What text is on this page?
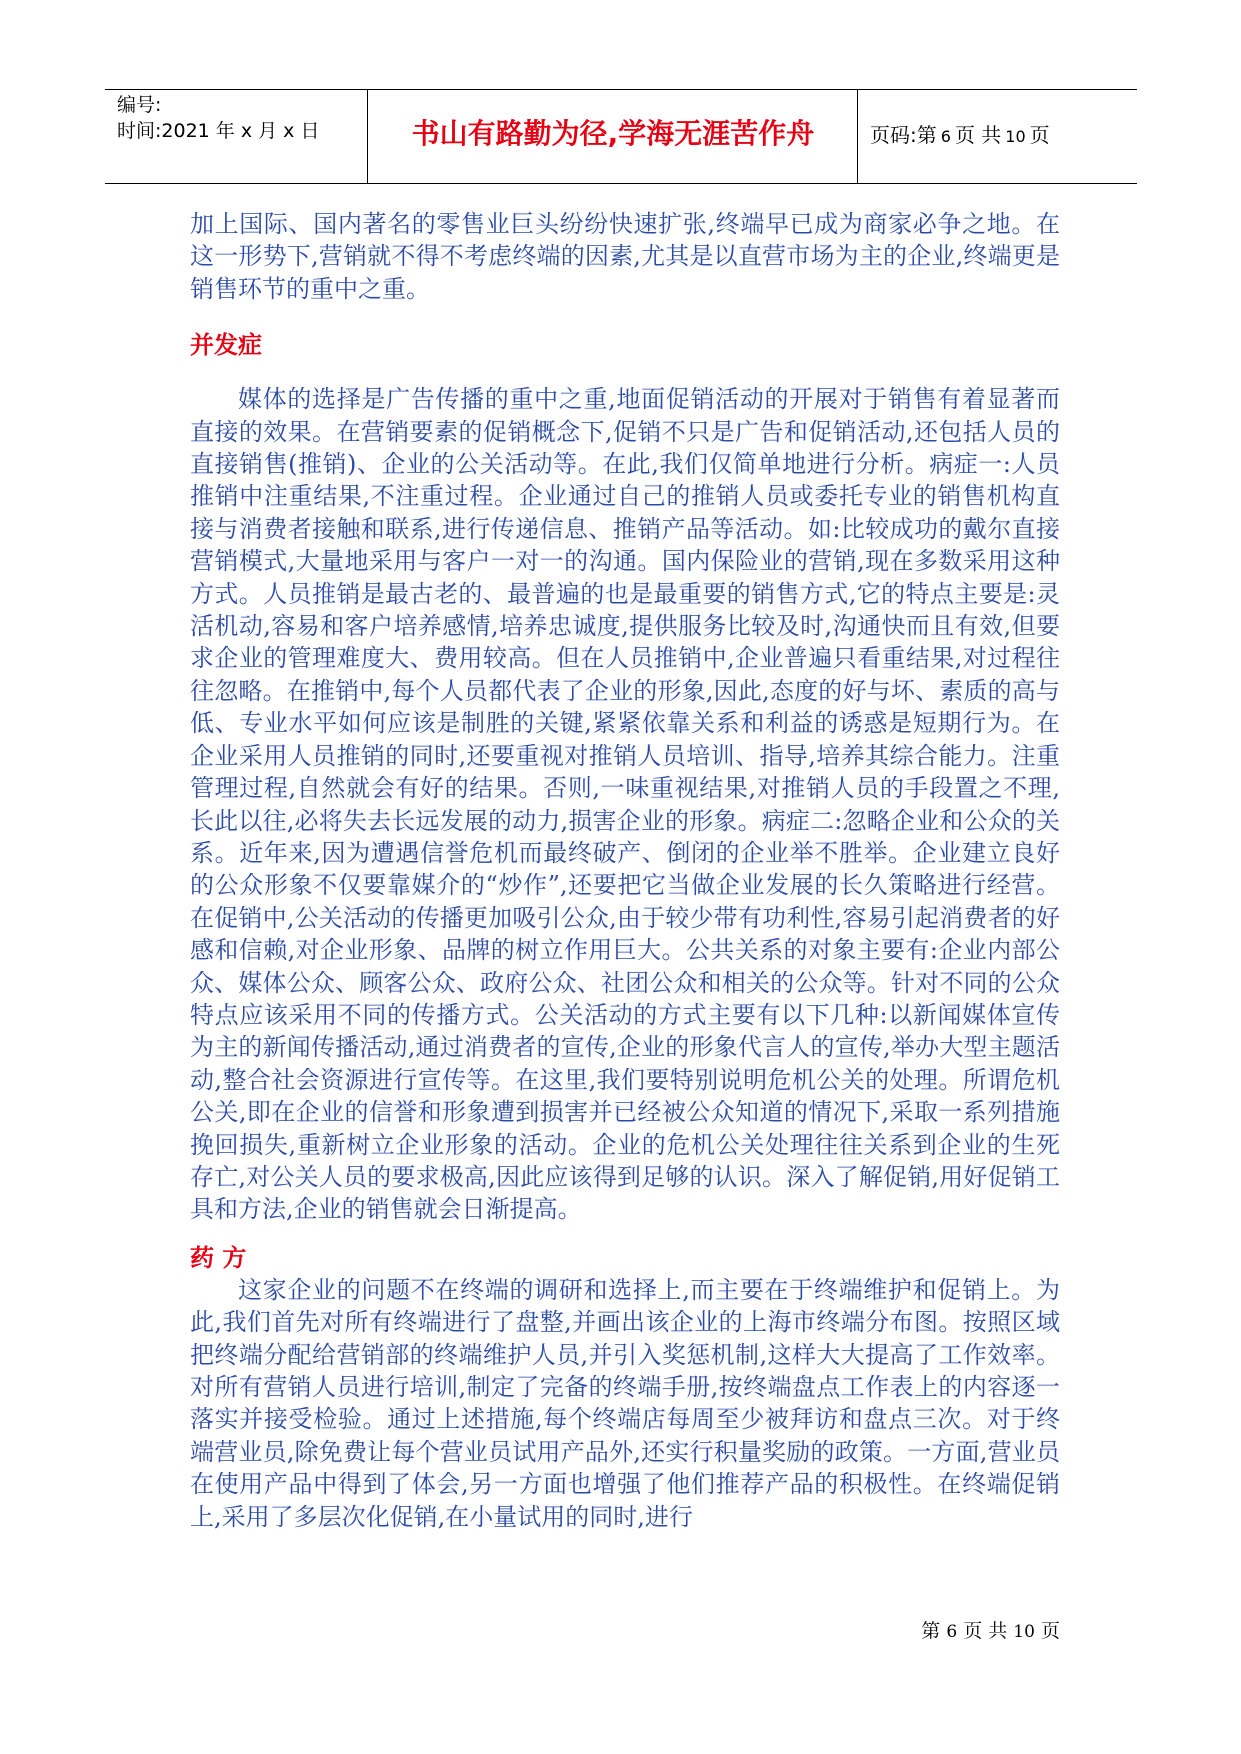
编号:
时间:2021 年 x 月 x 日	书山有路勤为径,学海无涯苦作舟	页码:第 6 页 共 10 页

加上国际、国内著名的零售业巨头纷纷快速扩张,终端早已成为商家必争之地。在这一形势下,营销就不得不考虑终端的因素,尤其是以直营市场为主的企业,终端更是销售环节的重中之重。

并发症

媒体的选择是广告传播的重中之重,地面促销活动的开展对于销售有着显著而直接的效果。在营销要素的促销概念下,促销不只是广告和促销活动,还包括人员的直接销售(推销)、企业的公关活动等。在此,我们仅简单地进行分析。病症一:人员推销中注重结果,不注重过程。企业通过自己的推销人员或委托专业的销售机构直接与消费者接触和联系,进行传递信息、推销产品等活动。如:比较成功的戴尔直接营销模式,大量地采用与客户一对一的沟通。国内保险业的营销,现在多数采用这种方式。人员推销是最古老的、最普遍的也是最重要的销售方式,它的特点主要是:灵活机动,容易和客户培养感情,培养忠诚度,提供服务比较及时,沟通快而且有效,但要求企业的管理难度大、费用较高。但在人员推销中,企业普遍只看重结果,对过程往往忽略。在推销中,每个人员都代表了企业的形象,因此,态度的好与坏、素质的高与低、专业水平如何应该是制胜的关键,紧紧依靠关系和利益的诱惑是短期行为。在企业采用人员推销的同时,还要重视对推销人员培训、指导,培养其综合能力。注重管理过程,自然就会有好的结果。否则,一味重视结果,对推销人员的手段置之不理,长此以往,必将失去长远发展的动力,损害企业的形象。病症二:忽略企业和公众的关系。近年来,因为遭遇信誉危机而最终破产、倒闭的企业举不胜举。企业建立良好的公众形象不仅要靠媒介的“炒作”,还要把它当做企业发展的长久策略进行经营。在促销中,公关活动的传播更加吸引公众,由于较少带有功利性,容易引起消费者的好感和信赖,对企业形象、品牌的树立作用巨大。公共关系的对象主要有:企业内部公众、媒体公众、顾客公众、政府公众、社团公众和相关的公众等。针对不同的公众特点应该采用不同的传播方式。公关活动的方式主要有以下几种:以新闻媒体宣传为主的新闻传播活动,通过消费者的宣传,企业的形象代言人的宣传,举办大型主题活动,整合社会资源进行宣传等。在这里,我们要特别说明危机公关的处理。所谓危机公关,即在企业的信誉和形象遭到损害并已经被公众知道的情况下,采取一系列措施挽回损失,重新树立企业形象的活动。企业的危机公关处理往往关系到企业的生死存亡,对公关人员的要求极高,因此应该得到足够的认识。深入了解促销,用好促销工具和方法,企业的销售就会日渐提高。

药 方

这家企业的问题不在终端的调研和选择上,而主要在于终端维护和促销上。为此,我们首先对所有终端进行了盘整,并画出该企业的上海市终端分布图。按照区域把终端分配给营销部的终端维护人员,并引入奖惩机制,这样大大提高了工作效率。对所有营销人员进行培训,制定了完备的终端手册,按终端盘点工作表上的内容逐一落实并接受检验。通过上述措施,每个终端店每周至少被拜访和盘点三次。对于终端营业员,除免费让每个营业员试用产品外,还实行积量奖励的政策。一方面,营业员在使用产品中得到了体会,另一方面也增强了他们推荐产品的积极性。在终端促销上,采用了多层次化促销,在小量试用的同时,进行

第 6 页 共 10 页
